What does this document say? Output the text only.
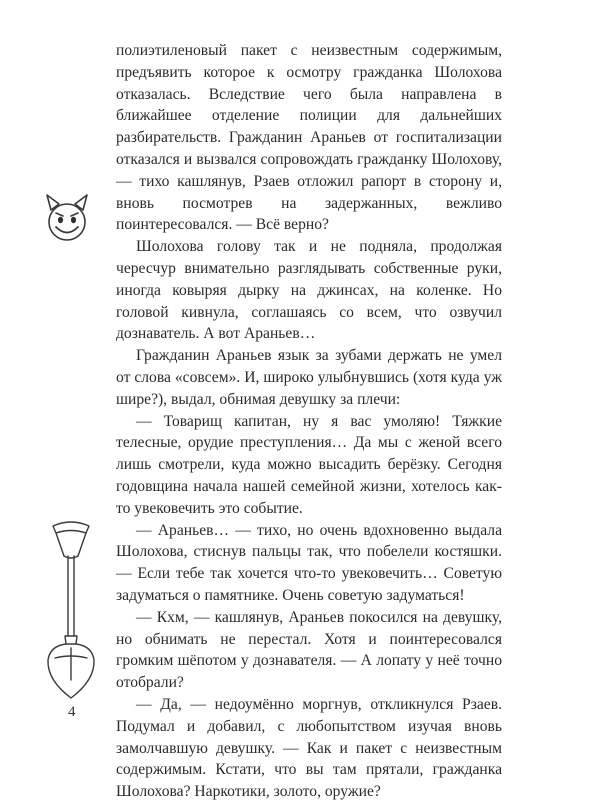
полиэтиленовый пакет с неизвестным содержимым, предъявить которое к осмотру гражданка Шолохова отказалась. Вследствие чего была направлена в ближайшее отделение полиции для дальнейших разбирательств. Гражданин Араньев от госпитализации отказался и вызвался сопровождать гражданку Шолохову, — тихо кашлянув, Рзаев отложил рапорт в сторону и, вновь посмотрев на задержанных, вежливо поинтересовался. — Всё верно?

Шолохова голову так и не подняла, продолжая чересчур внимательно разглядывать собственные руки, иногда ковыряя дырку на джинсах, на коленке. Но головой кивнула, соглашаясь со всем, что озвучил дознаватель. А вот Араньев…

Гражданин Араньев язык за зубами держать не умел от слова «совсем». И, широко улыбнувшись (хотя куда уж шире?), выдал, обнимая девушку за плечи:

— Товарищ капитан, ну я вас умоляю! Тяжкие телесные, орудие преступления… Да мы с женой всего лишь смотрели, куда можно высадить берёзку. Сегодня годовщина начала нашей семейной жизни, хотелось как-то увековечить это событие.

— Араньев… — тихо, но очень вдохновенно выдала Шолохова, стиснув пальцы так, что побелели костяшки. — Если тебе так хочется что-то увековечить… Советую задуматься о памятнике. Очень советую задуматься!

— Кхм, — кашлянув, Араньев покосился на девушку, но обнимать не перестал. Хотя и поинтересовался громким шёпотом у дознавателя. — А лопату у неё точно отобрали?

— Да, — недоумённо моргнув, откликнулся Рзаев. Подумал и добавил, с любопытством изучая вновь замолчавшую девушку. — Как и пакет с неизвестным содержимым. Кстати, что вы там прятали, гражданка Шолохова? Наркотики, золото, оружие?

4
